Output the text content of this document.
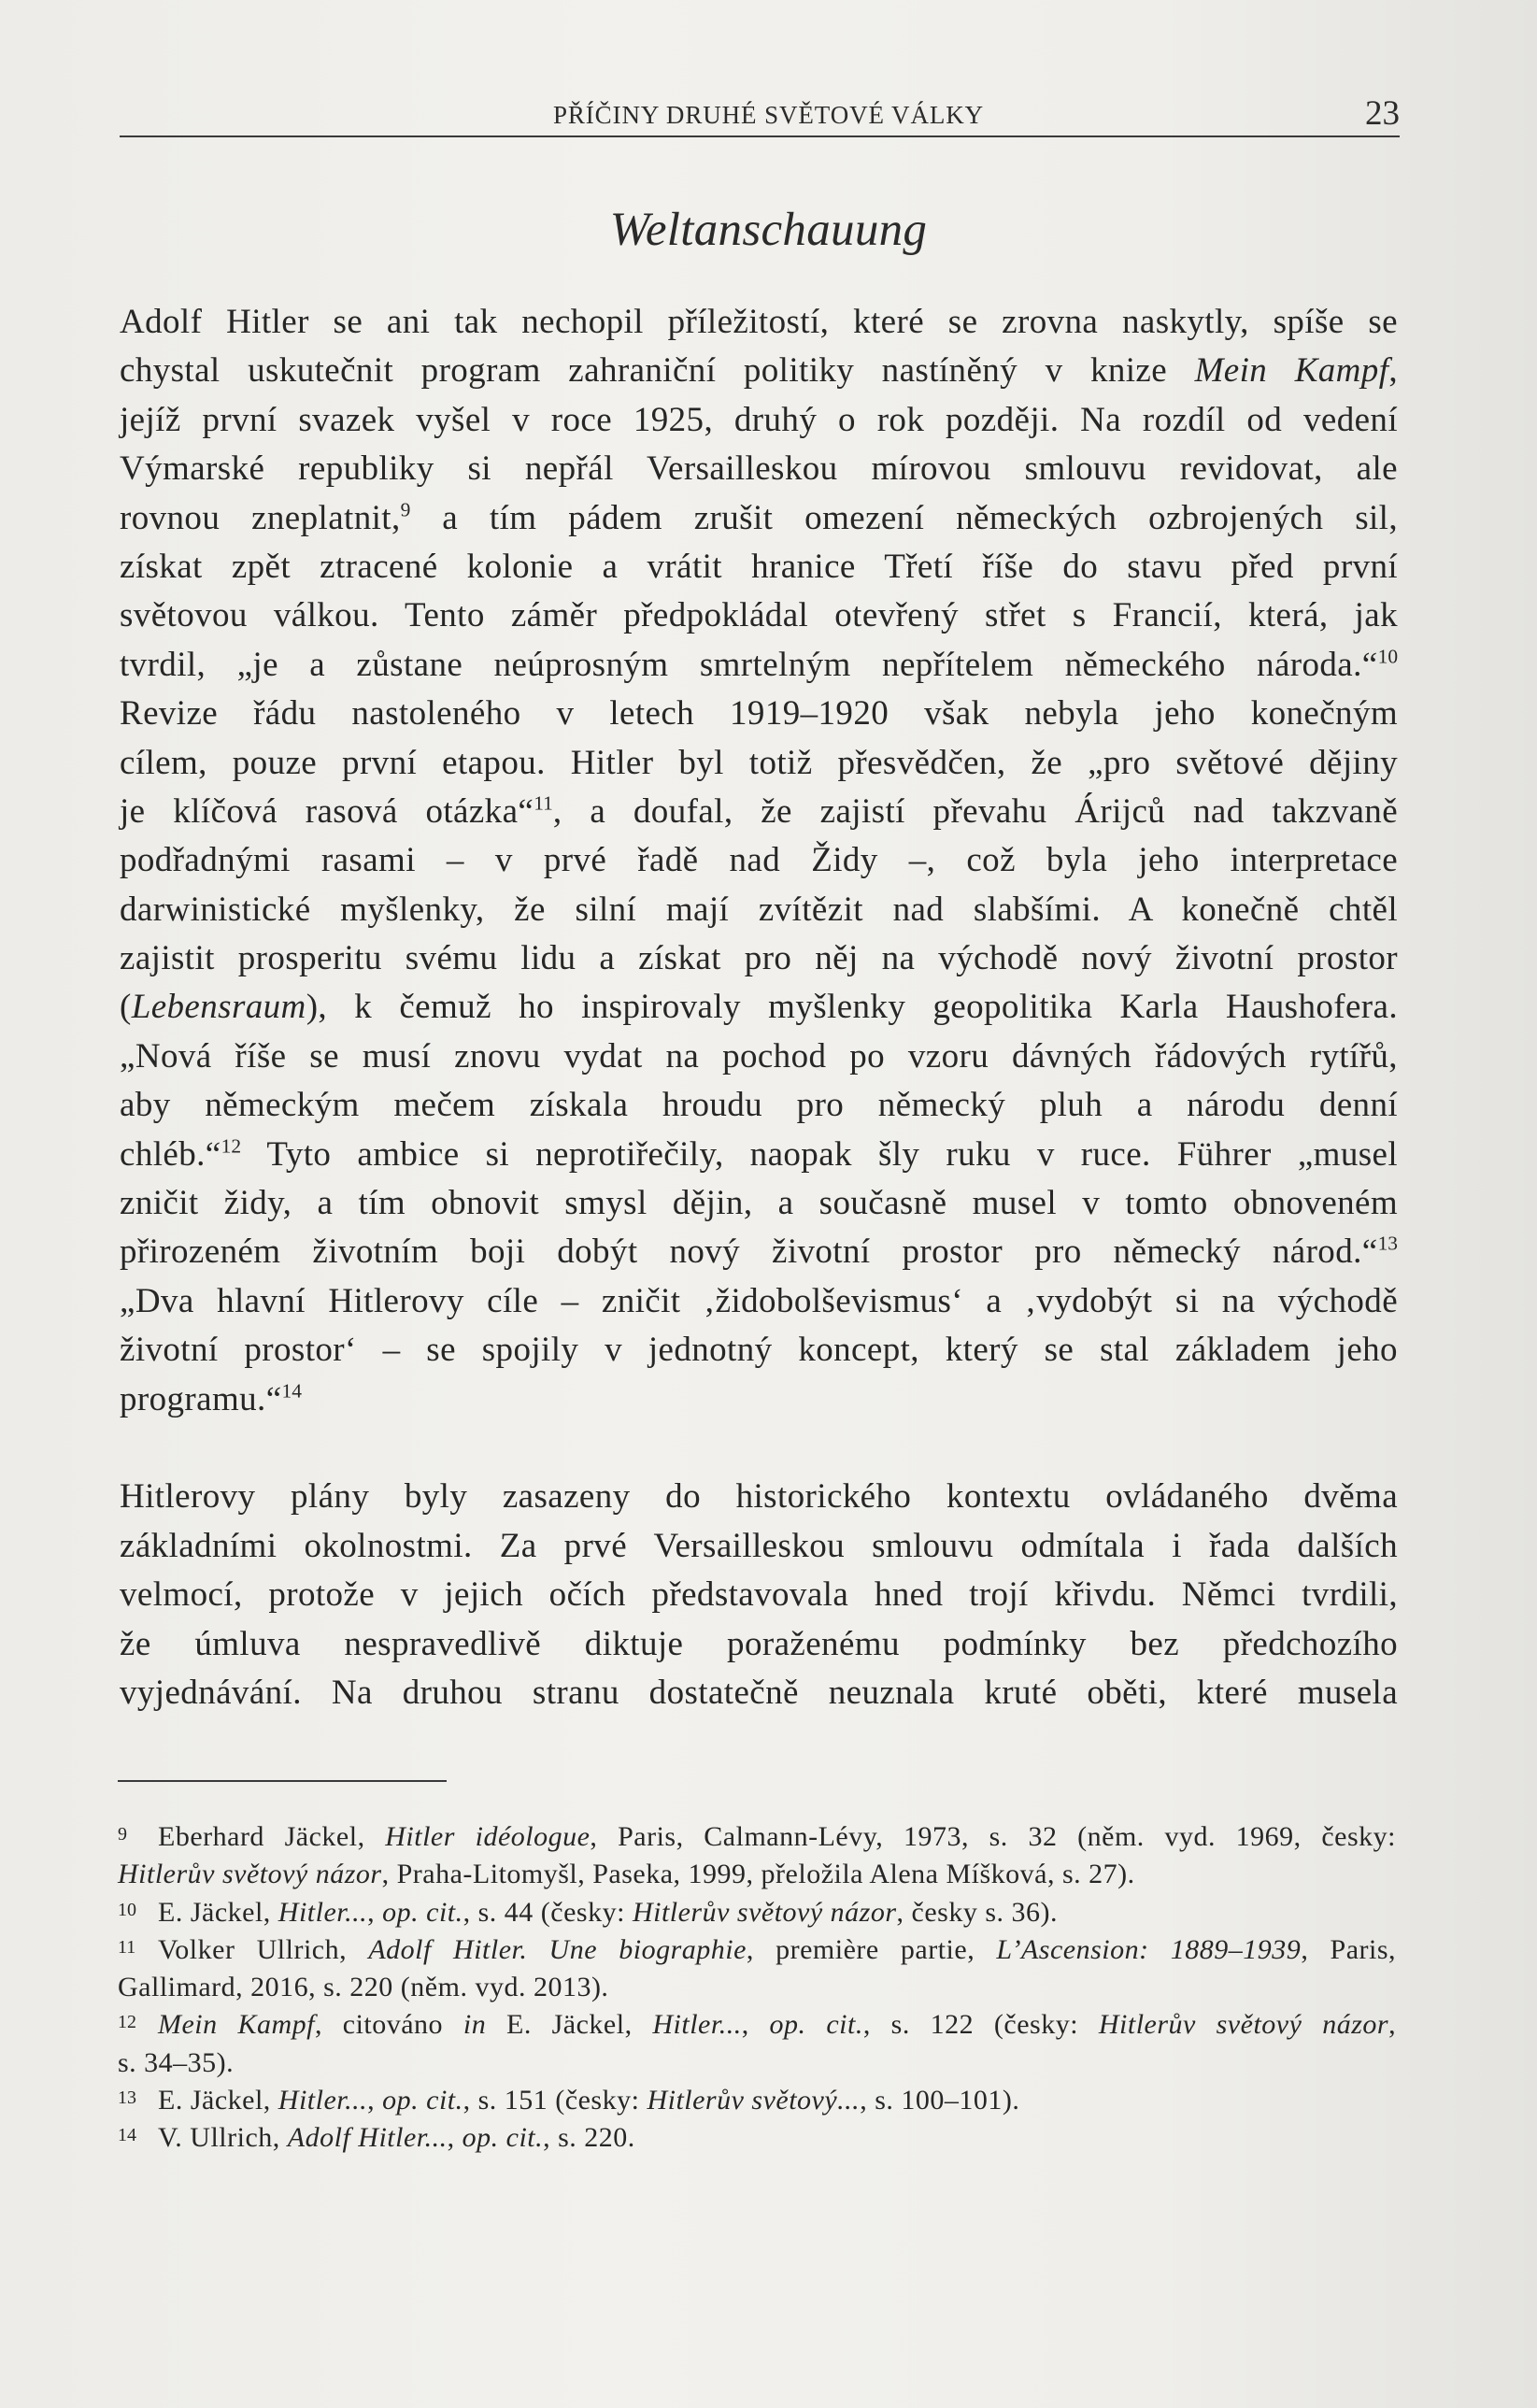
PŘÍČINY DRUHÉ SVĚTOVÉ VÁLKY	23
Weltanschauung
Adolf Hitler se ani tak nechopil příležitostí, které se zrovna naskytly, spíše se
chystal uskutečnit program zahraniční politiky nastíněný v knize Mein Kampf,
jejíž první svazek vyšel v roce 1925, druhý o rok později. Na rozdíl od vedení
Výmarské republiky si nepřál Versailleskou mírovou smlouvu revidovat, ale
rovnou zneplatnit,$^9$ a tím pádem zrušit omezení německých ozbrojených sil,
získat zpět ztracené kolonie a vrátit hranice Třetí říše do stavu před první
světovou válkou. Tento záměr předpokládal otevřený střet s Francií, která, jak
tvrdil, „je a zůstane neúprosným smrtelným nepřítelem německého národa.“$^{10}$
Revize řádu nastoleného v letech 1919–1920 však nebyla jeho konečným
cílem, pouze první etapou. Hitler byl totiž přesvědčen, že „pro světové dějiny
je klíčová rasová otázka“$^{11}$, a doufal, že zajistí převahu Árijců nad takzvaně
podřadnými rasami – v prvé řadě nad Židy –, což byla jeho interpretace
darwinistické myšlenky, že silní mají zvítězit nad slabšími. A konečně chtěl
zajistit prosperitu svému lidu a získat pro něj na východě nový životní prostor
(Lebensraum), k čemuž ho inspirovaly myšlenky geopolitika Karla Haushofera.
„Nová říše se musí znovu vydat na pochod po vzoru dávných řádových rytířů,
aby německým mečem získala hroudu pro německý pluh a národu denní
chléb.“$^{12}$ Tyto ambice si neprotiřečily, naopak šly ruku v ruce. Führer „musel
zničit židy, a tím obnovit smysl dějin, a současně musel v tomto obnoveném
přirozeném životním boji dobýt nový životní prostor pro německý národ.“$^{13}$
„Dva hlavní Hitlerovy cíle – zničit ‚židobolševismus‘ a ‚vydobýt si na východě
životní prostor‘ – se spojily v jednotný koncept, který se stal základem jeho
programu.“$^{14}$
Hitlerovy plány byly zasazeny do historického kontextu ovládaného dvěma
základními okolnostmi. Za prvé Versailleskou smlouvu odmítala i řada dalších
velmocí, protože v jejich očích představovala hned trojí křivdu. Němci tvrdili,
že úmluva nespravedlivě diktuje poraženému podmínky bez předchozího
vyjednávání. Na druhou stranu dostatečně neuznala kruté oběti, které musela
9	Eberhard Jäckel, Hitler idéologue, Paris, Calmann-Lévy, 1973, s. 32 (něm. vyd. 1969, česky:
Hitlerův světový názor, Praha-Litomyšl, Paseka, 1999, přeložila Alena Míšková, s. 27).
10 E. Jäckel, Hitler..., op. cit., s. 44 (česky: Hitlerův světový názor, česky s. 36).
11 Volker Ullrich, Adolf Hitler. Une biographie, première partie, L’Ascension: 1889–1939, Paris,
Gallimard, 2016, s. 220 (něm. vyd. 2013).
12 Mein Kampf, citováno in E. Jäckel, Hitler..., op. cit., s. 122 (česky: Hitlerův světový názor,
s. 34–35).
13 E. Jäckel, Hitler..., op. cit., s. 151 (česky: Hitlerův světový..., s. 100–101).
14 V. Ullrich, Adolf Hitler..., op. cit., s. 220.
